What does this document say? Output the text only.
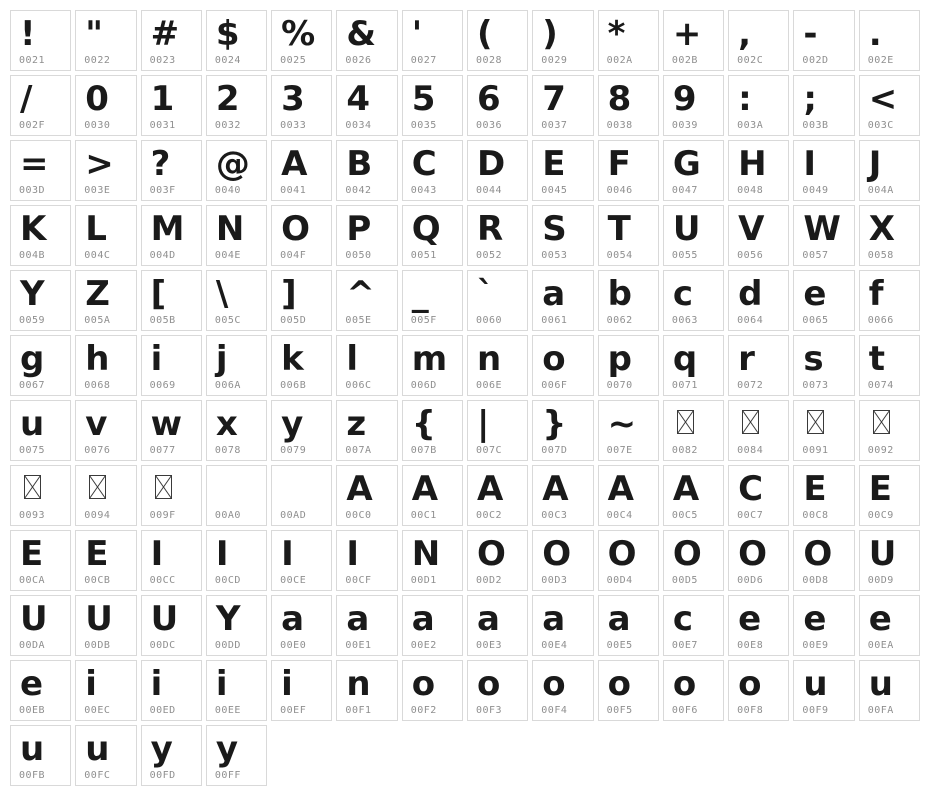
!
0021
"
0022
#
0023
$
0024
%
0025
&
0026
'
0027
(
0028
)
0029
*
002A
+
002B
,
002C
-
002D
.
002E
/
002F
0
0030
1
0031
2
0032
3
0033
4
0034
5
0035
6
0036
7
0037
8
0038
9
0039
:
003A
;
003B
<
003C
=
003D
>
003E
?
003F
@
0040
A
0041
B
0042
C
0043
D
0044
E
0045
F
0046
G
0047
H
0048
I
0049
J
004A
K
004B
L
004C
M
004D
N
004E
O
004F
P
0050
Q
0051
R
0052
S
0053
T
0054
U
0055
V
0056
W
0057
X
0058
Y
0059
Z
005A
[
005B
\
005C
]
005D
^
005E
_
005F
`
0060
a
0061
b
0062
c
0063
d
0064
e
0065
f
0066
g
0067
h
0068
i
0069
j
006A
k
006B
l
006C
m
006D
n
006E
o
006F
p
0070
q
0071
r
0072
s
0073
t
0074
u
0075
v
0076
w
0077
x
0078
y
0079
z
007A
{
007B
|
007C
}
007D
~
007E	0082	0084	0091	0092
0093	0094	009F	00A0	00AD
A
00C0
A
00C1
A
00C2
A
00C3
A
00C4
A
00C5
C
00C7
E
00C8
E
00C9
E
00CA
E
00CB
I
00CC
I
00CD
I
00CE
I
00CF
N
00D1
O
00D2
O
00D3
O
00D4
O
00D5
O
00D6
O
00D8
U
00D9
U
00DA
U
00DB
U
00DC
Y
00DD
a
00E0
a
00E1
a
00E2
a
00E3
a
00E4
a
00E5
c
00E7
e
00E8
e
00E9
e
00EA
e
00EB
i
00EC
i
00ED
i
00EE
i
00EF
n
00F1
o
00F2
o
00F3
o
00F4
o
00F5
o
00F6
o
00F8
u
00F9
u
00FA
u
00FB
u
00FC
y
00FD
y
00FF
